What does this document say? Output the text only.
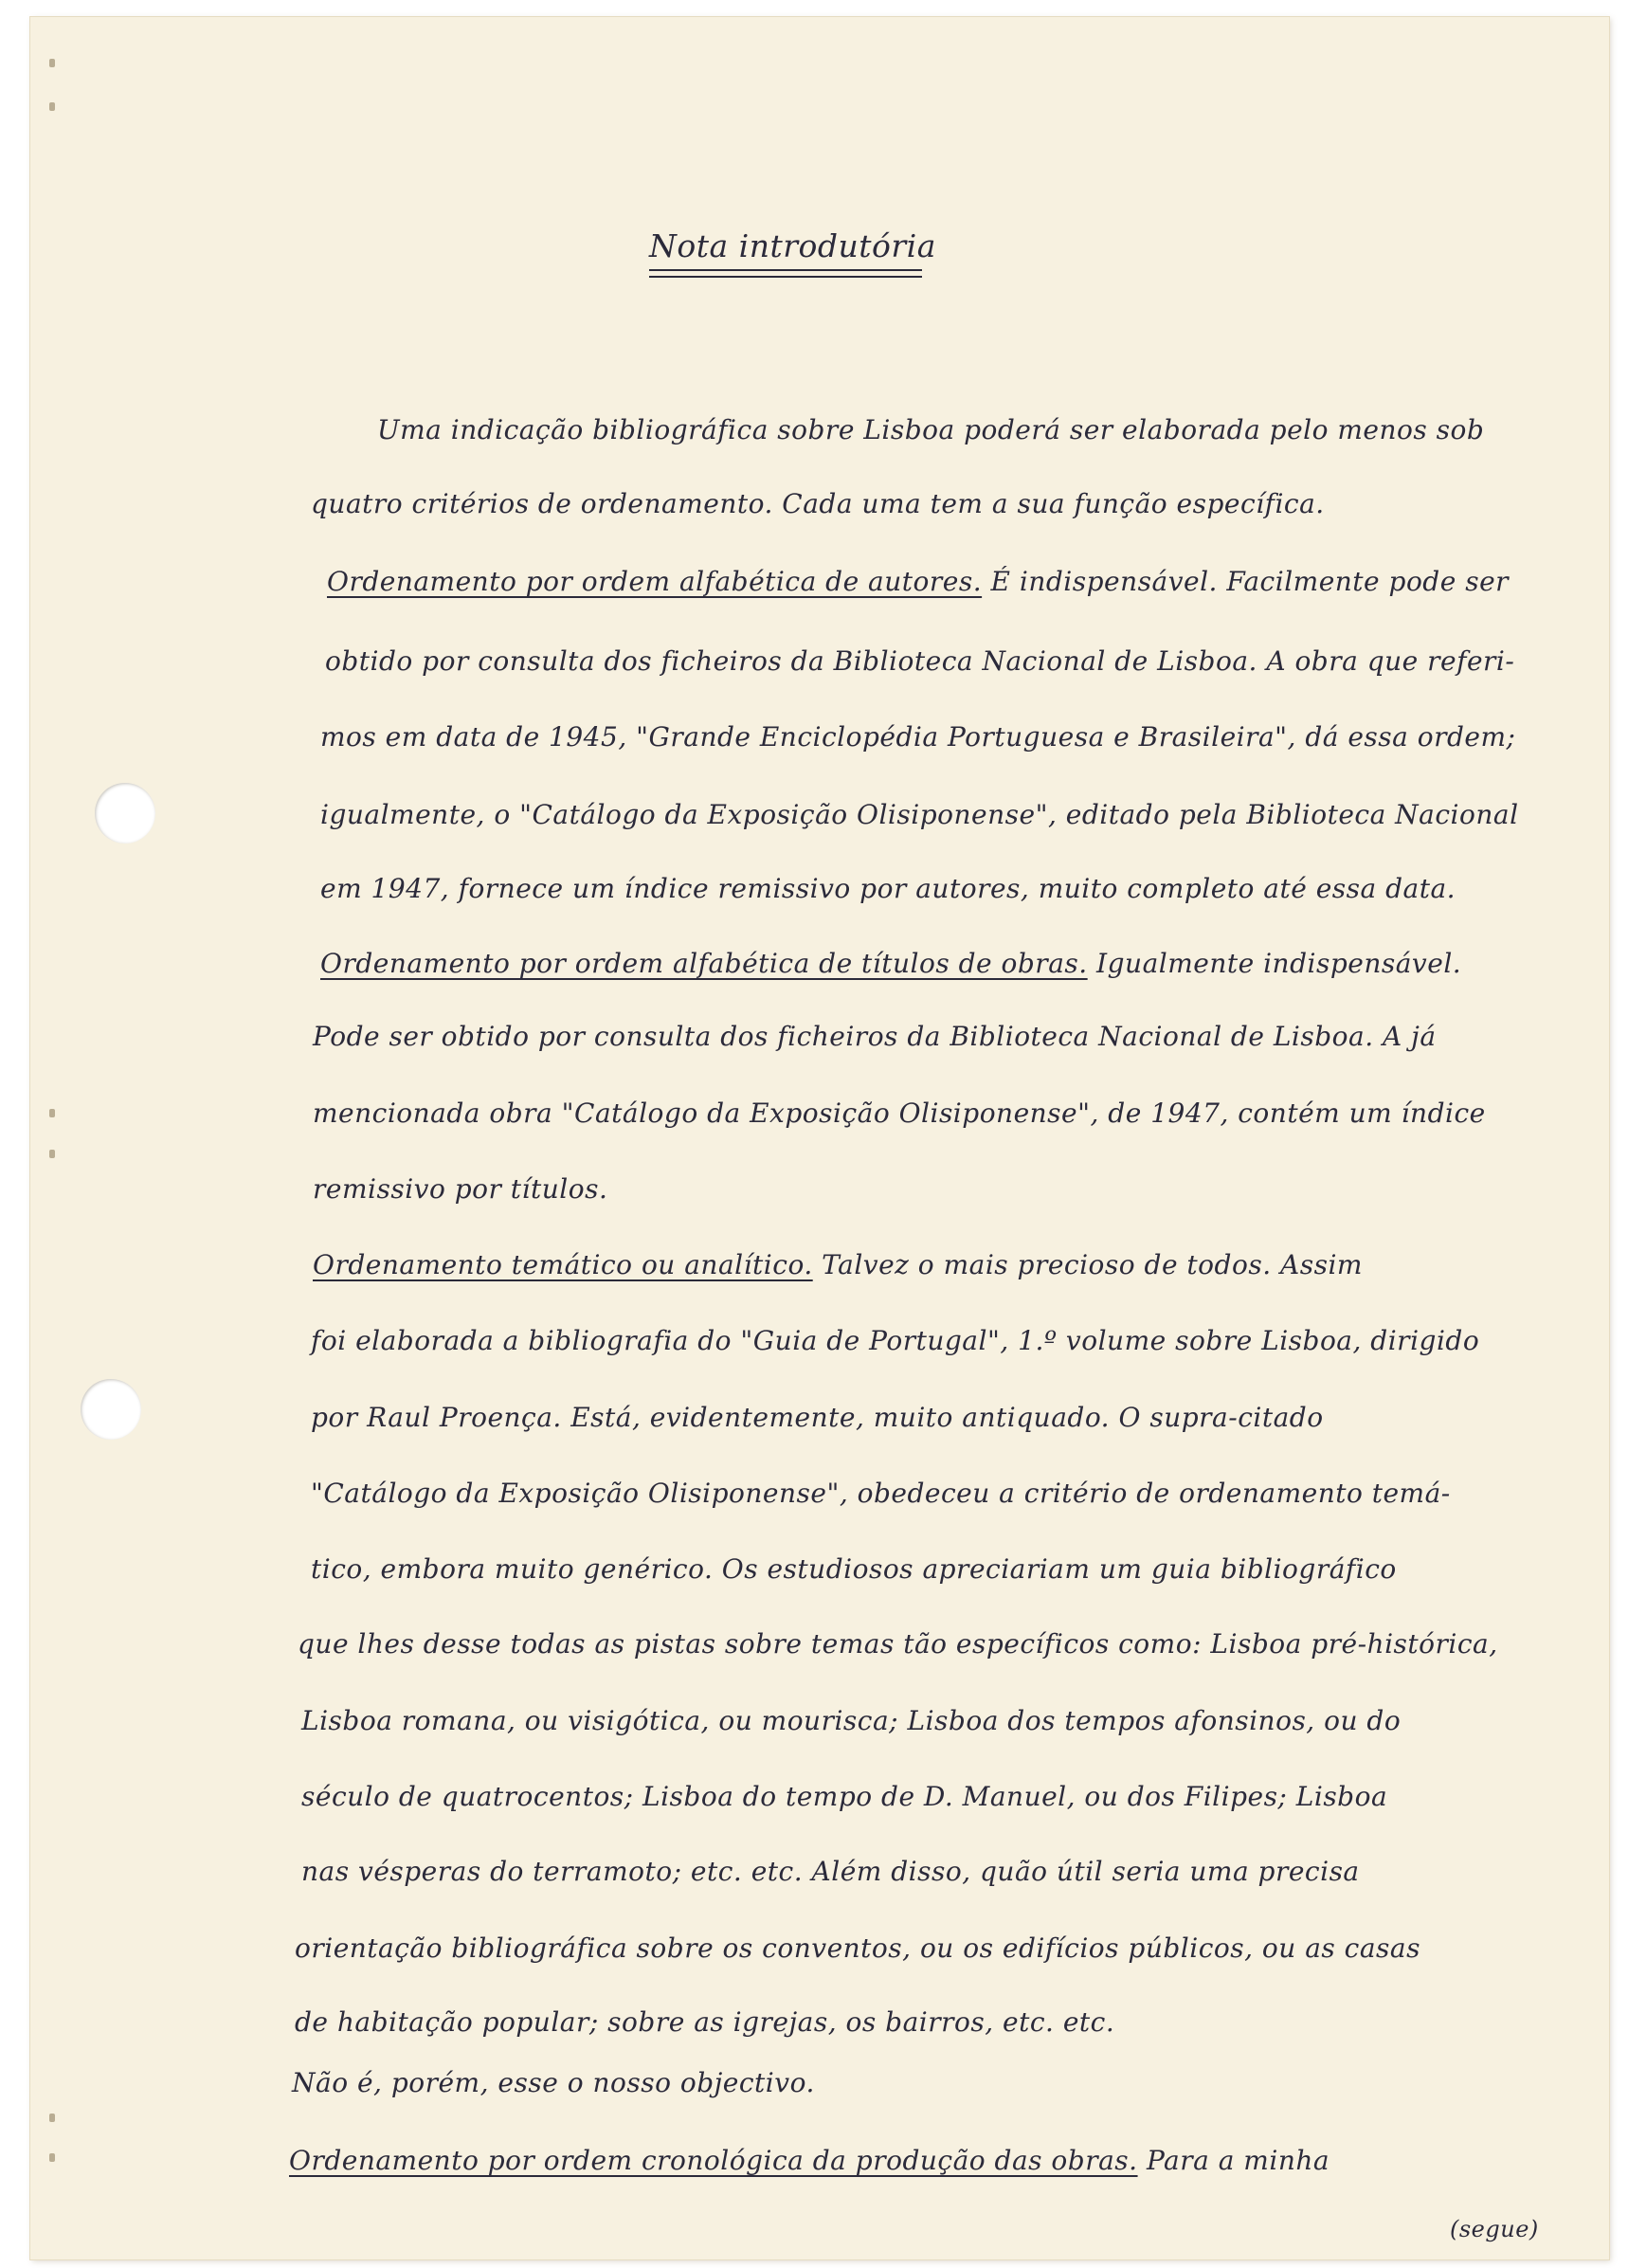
Nota introdutória
Uma indicação bibliográfica sobre Lisboa poderá ser elaborada pelo menos sob
quatro critérios de ordenamento. Cada uma tem a sua função específica.
Ordenamento por ordem alfabética de autores. É indispensável. Facilmente pode ser
obtido por consulta dos ficheiros da Biblioteca Nacional de Lisboa. A obra que referi-
mos em data de 1945, "Grande Enciclopédia Portuguesa e Brasileira", dá essa ordem;
igualmente, o "Catálogo da Exposição Olisiponense", editado pela Biblioteca Nacional
em 1947, fornece um índice remissivo por autores, muito completo até essa data.
Ordenamento por ordem alfabética de títulos de obras. Igualmente indispensável.
Pode ser obtido por consulta dos ficheiros da Biblioteca Nacional de Lisboa. A já
mencionada obra "Catálogo da Exposição Olisiponense", de 1947, contém um índice
remissivo por títulos.
Ordenamento temático ou analítico. Talvez o mais precioso de todos. Assim
foi elaborada a bibliografia do "Guia de Portugal", 1.º volume sobre Lisboa, dirigido
por Raul Proença. Está, evidentemente, muito antiquado. O supra-citado
"Catálogo da Exposição Olisiponense", obedeceu a critério de ordenamento temá-
tico, embora muito genérico. Os estudiosos apreciariam um guia bibliográfico
que lhes desse todas as pistas sobre temas tão específicos como: Lisboa pré-histórica,
Lisboa romana, ou visigótica, ou mourisca; Lisboa dos tempos afonsinos, ou do
século de quatrocentos; Lisboa do tempo de D. Manuel, ou dos Filipes; Lisboa
nas vésperas do terramoto; etc. etc. Além disso, quão útil seria uma precisa
orientação bibliográfica sobre os conventos, ou os edifícios públicos, ou as casas
de habitação popular; sobre as igrejas, os bairros, etc. etc.
Não é, porém, esse o nosso objectivo.
Ordenamento por ordem cronológica da produção das obras. Para a minha
(segue)
